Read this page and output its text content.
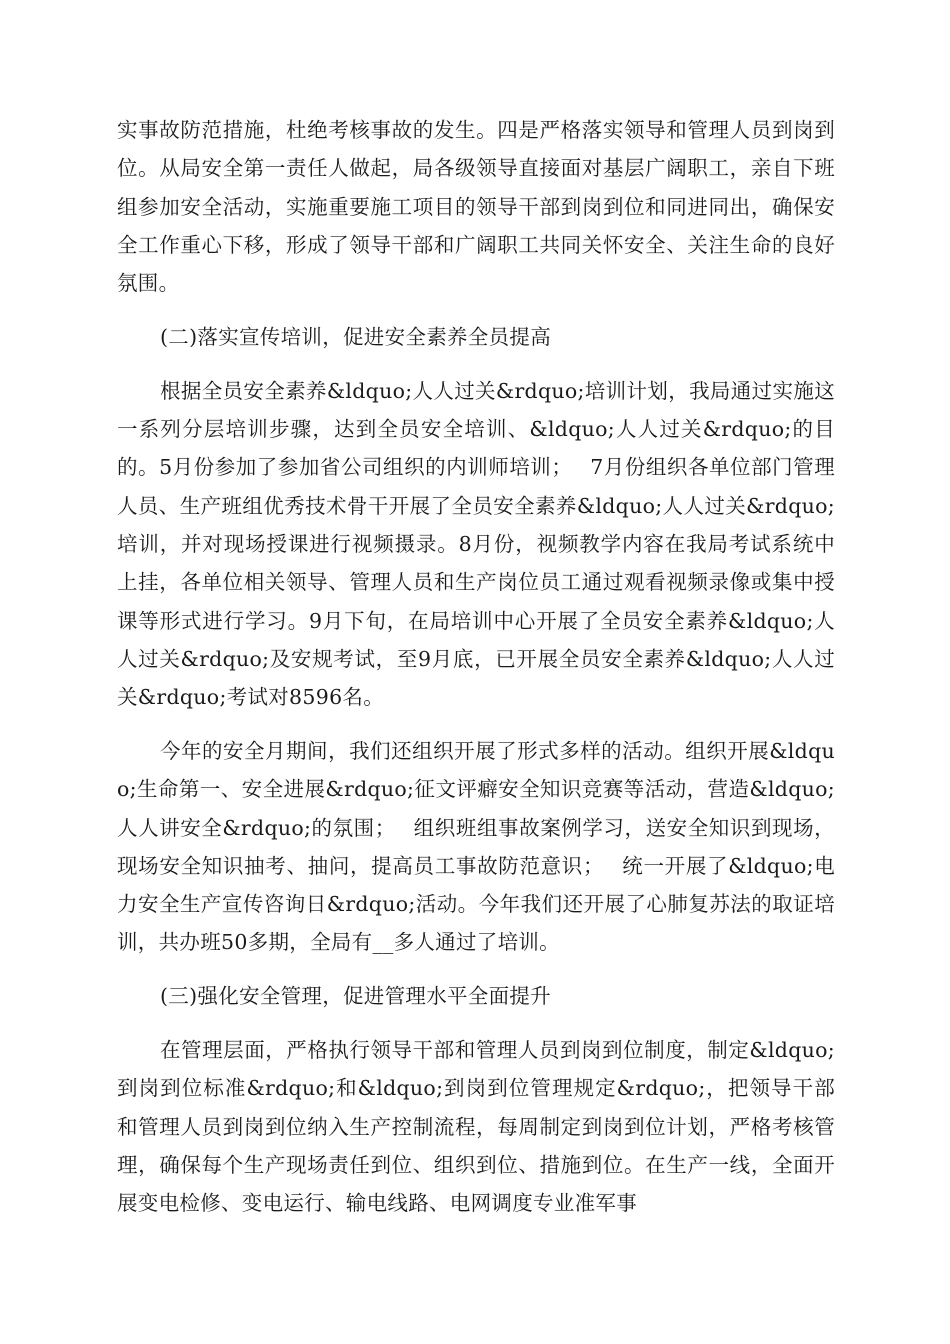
实事故防范措施，杜绝考核事故的发生。四是严格落实领导和管理人员到岗到位。从局安全第一责任人做起，局各级领导直接面对基层广阔职工，亲自下班组参加安全活动，实施重要施工项目的领导干部到岗到位和同进同出，确保安全工作重心下移，形成了领导干部和广阔职工共同关怀安全、关注生命的良好氛围。

(二)落实宣传培训，促进安全素养全员提高

根据全员安全素养&ldquo;人人过关&rdquo;培训计划，我局通过实施这一系列分层培训步骤，达到全员安全培训、&ldquo;人人过关&rdquo;的目的。5月份参加了参加省公司组织的内训师培训；　 7月份组织各单位部门管理人员、生产班组优秀技术骨干开展了全员安全素养&ldquo;人人过关&rdquo;培训，并对现场授课进行视频摄录。8月份，视频教学内容在我局考试系统中上挂，各单位相关领导、管理人员和生产岗位员工通过观看视频录像或集中授课等形式进行学习。9月下旬，在局培训中心开展了全员安全素养&ldquo;人人过关&rdquo;及安规考试，至9月底，已开展全员安全素养&ldquo;人人过关&rdquo;考试对8596名。

今年的安全月期间，我们还组织开展了形式多样的活动。组织开展&ldquo;生命第一、安全进展&rdquo;征文评癖安全知识竞赛等活动，营造&ldquo;人人讲安全&rdquo;的氛围；　 组织班组事故案例学习，送安全知识到现场，现场安全知识抽考、抽问，提高员工事故防范意识；　 统一开展了&ldquo;电力安全生产宣传咨询日&rdquo;活动。今年我们还开展了心肺复苏法的取证培训，共办班50多期，全局有__多人通过了培训。

(三)强化安全管理，促进管理水平全面提升

在管理层面，严格执行领导干部和管理人员到岗到位制度，制定&ldquo;到岗到位标准&rdquo;和&ldquo;到岗到位管理规定&rdquo;，把领导干部和管理人员到岗到位纳入生产控制流程，每周制定到岗到位计划，严格考核管理，确保每个生产现场责任到位、组织到位、措施到位。在生产一线，全面开展变电检修、变电运行、输电线路、电网调度专业准军事
